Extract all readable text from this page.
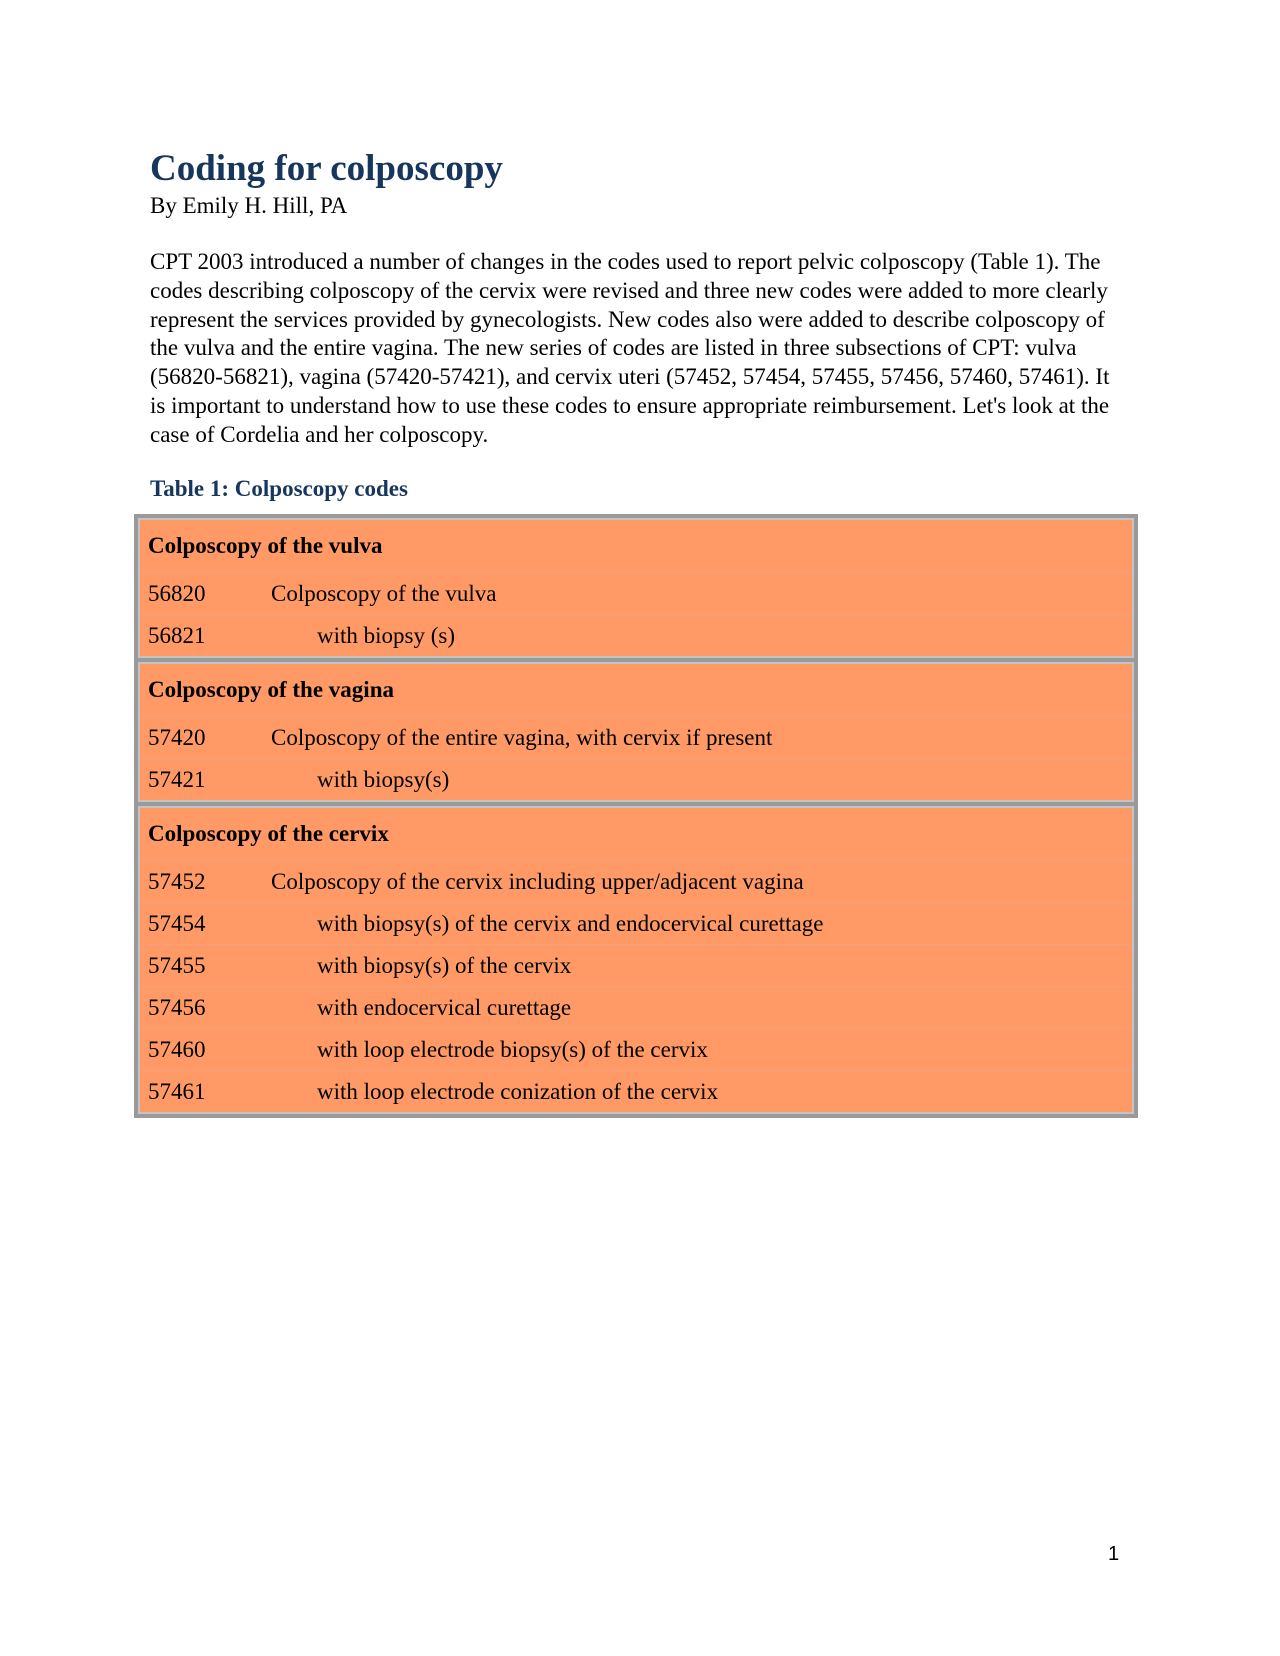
Coding for colposcopy

By Emily H. Hill, PA

CPT 2003 introduced a number of changes in the codes used to report pelvic colposcopy (Table 1). The codes describing colposcopy of the cervix were revised and three new codes were added to more clearly represent the services provided by gynecologists. New codes also were added to describe colposcopy of the vulva and the entire vagina. The new series of codes are listed in three subsections of CPT: vulva (56820-56821), vagina (57420-57421), and cervix uteri (57452, 57454, 57455, 57456, 57460, 57461). It is important to understand how to use these codes to ensure appropriate reimbursement. Let's look at the case of Cordelia and her colposcopy.

Table 1: Colposcopy codes

Colposcopy of the vulva
56820	Colposcopy of the vulva
56821	with biopsy (s)
Colposcopy of the vagina
57420	Colposcopy of the entire vagina, with cervix if present
57421	with biopsy(s)
Colposcopy of the cervix
57452	Colposcopy of the cervix including upper/adjacent vagina
57454	with biopsy(s) of the cervix and endocervical curettage
57455	with biopsy(s) of the cervix
57456	with endocervical curettage
57460	with loop electrode biopsy(s) of the cervix
57461	with loop electrode conization of the cervix
1
